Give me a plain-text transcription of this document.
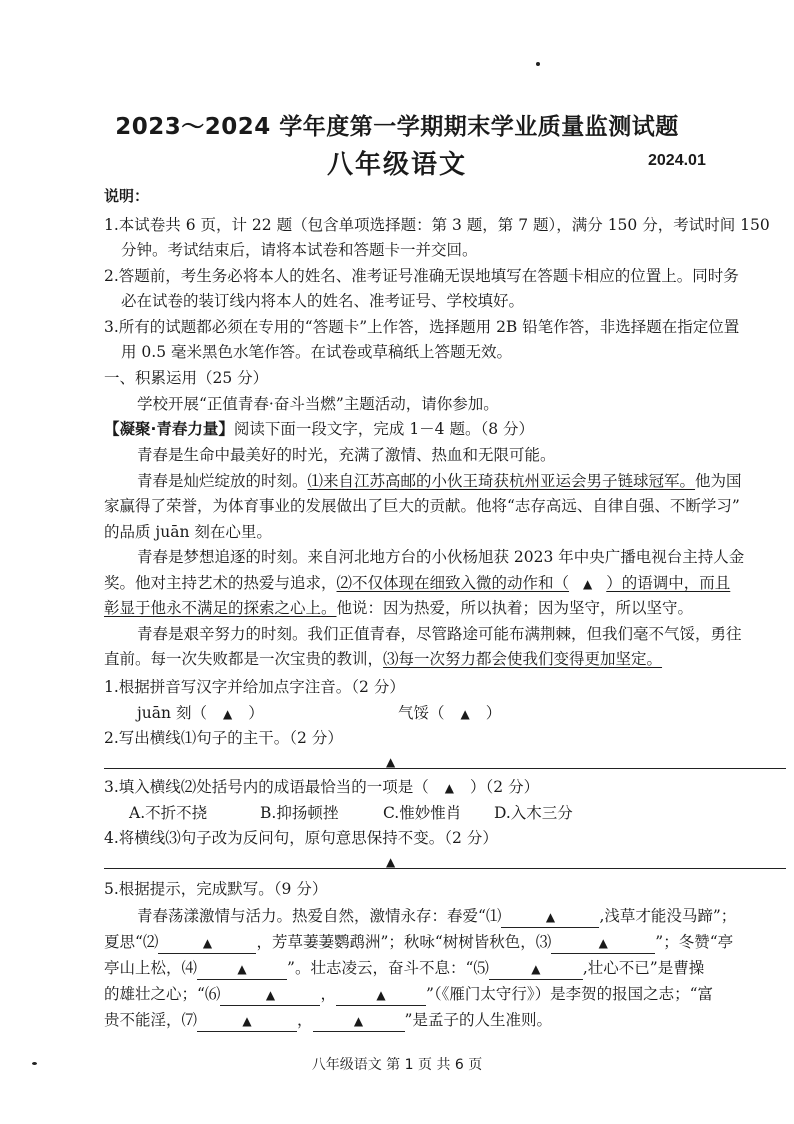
2023～2024 学年度第一学期期末学业质量监测试题
八年级语文	2024.01
说明：
1.本试卷共 6 页，计 22 题（包含单项选择题：第 3 题，第 7 题），满分 150 分，考试时间 150
分钟。考试结束后，请将本试卷和答题卡一并交回。
2.答题前，考生务必将本人的姓名、准考证号准确无误地填写在答题卡相应的位置上。同时务
必在试卷的装订线内将本人的姓名、准考证号、学校填好。
3.所有的试题都必须在专用的“答题卡”上作答，选择题用 2B 铅笔作答，非选择题在指定位置
用 0.5 毫米黑色水笔作答。在试卷或草稿纸上答题无效。
一、积累运用（25 分）
学校开展“正值青春·奋斗当燃”主题活动，请你参加。
【凝聚·青春力量】阅读下面一段文字，完成 1－4 题。（8 分）
青春是生命中最美好的时光，充满了激情、热血和无限可能。
青春是灿烂绽放的时刻。⑴来自江苏高邮的小伙王琦获杭州亚运会男子链球冠军。他为国
家赢得了荣誉，为体育事业的发展做出了巨大的贡献。他将“志存高远、自律自强、不断学习”
的品质 juān 刻在心里。
青春是梦想追逐的时刻。来自河北地方台的小伙杨旭获 2023 年中央广播电视台主持人金
奖。他对主持艺术的热爱与追求，⑵不仅体现在细致入微的动作和（ ▲ ）的语调中，而且
彰显于他永不满足的探索之心上。他说：因为热爱，所以执着；因为坚守，所以坚守。
青春是艰辛努力的时刻。我们正值青春，尽管路途可能布满荆棘，但我们毫不气馁，勇往
直前。每一次失败都是一次宝贵的教训，⑶每一次努力都会使我们变得更加坚定。
1.根据拼音写汉字并给加点字注音。（2 分）
juān 刻（ ▲ ）	气馁（ ▲ ）
2.写出横线⑴句子的主干。（2 分）
▲
3.填入横线⑵处括号内的成语最恰当的一项是（ ▲ ）（2 分）
A.不折不挠	B.抑扬顿挫	C.惟妙惟肖 D.入木三分
4.将横线⑶句子改为反问句，原句意思保持不变。（2 分）
▲
5.根据提示，完成默写。（9 分）
青春荡漾激情与活力。热爱自然，激情永存：春爱“⑴	▲	,浅草才能没马蹄”；
夏思“⑵	▲	，芳草萋萋鹦鹉洲”；秋咏“树树皆秋色，⑶	▲	”；冬赞“亭
亭山上松，⑷	▲	”。壮志凌云，奋斗不息：“⑸	▲	,壮心不已”是曹操
的雄壮之心；“⑹	▲	，	▲	”（《雁门太守行》）是李贺的报国之志；“富
贵不能淫，⑺	▲	，	▲	”是孟子的人生准则。
八年级语文 第 1 页 共 6 页
